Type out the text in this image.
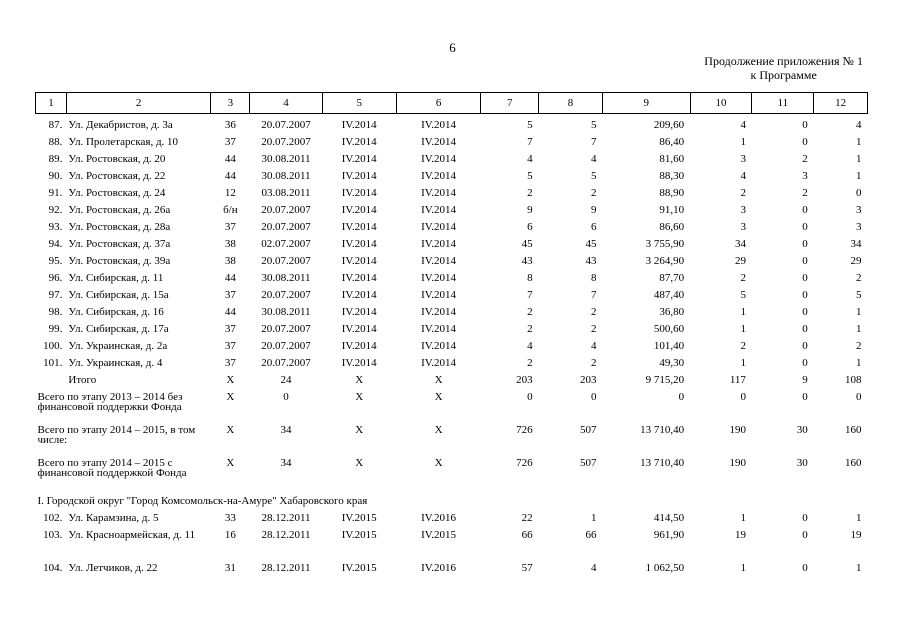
6
Продолжение приложения № 1
к Программе
1	2	3	4	5	6	7	8	9	10	11	12
87.	Ул. Декабристов, д. 3а	36	20.07.2007	IV.2014	IV.2014	5	5	209,60	4	0	4
88.	Ул. Пролетарская, д. 10	37	20.07.2007	IV.2014	IV.2014	7	7	86,40	1	0	1
89.	Ул. Ростовская, д. 20	44	30.08.2011	IV.2014	IV.2014	4	4	81,60	3	2	1
90.	Ул. Ростовская, д. 22	44	30.08.2011	IV.2014	IV.2014	5	5	88,30	4	3	1
91.	Ул. Ростовская, д. 24	12	03.08.2011	IV.2014	IV.2014	2	2	88,90	2	2	0
92.	Ул. Ростовская, д. 26а	б/н	20.07.2007	IV.2014	IV.2014	9	9	91,10	3	0	3
93.	Ул. Ростовская, д. 28а	37	20.07.2007	IV.2014	IV.2014	6	6	86,60	3	0	3
94.	Ул. Ростовская, д. 37а	38	02.07.2007	IV.2014	IV.2014	45	45	3 755,90	34	0	34
95.	Ул. Ростовская, д. 39а	38	20.07.2007	IV.2014	IV.2014	43	43	3 264,90	29	0	29
96.	Ул. Сибирская, д. 11	44	30.08.2011	IV.2014	IV.2014	8	8	87,70	2	0	2
97.	Ул. Сибирская, д. 15а	37	20.07.2007	IV.2014	IV.2014	7	7	487,40	5	0	5
98.	Ул. Сибирская, д. 16	44	30.08.2011	IV.2014	IV.2014	2	2	36,80	1	0	1
99.	Ул. Сибирская, д. 17а	37	20.07.2007	IV.2014	IV.2014	2	2	500,60	1	0	1
100.	Ул. Украинская, д. 2а	37	20.07.2007	IV.2014	IV.2014	4	4	101,40	2	0	2
101.	Ул. Украинская, д. 4	37	20.07.2007	IV.2014	IV.2014	2	2	49,30	1	0	1
	Итого	X	24	X	X	203	203	9 715,20	117	9	108
Всего по этапу 2013 – 2014 без финансовой поддержки Фонда		X	0	X	X	0	0	0	0	0	0
Всего по этапу 2014 – 2015, в том числе:		X	34	X	X	726	507	13 710,40	190	30	160
Всего по этапу 2014 – 2015 с финансовой поддержкой Фонда		X	34	X	X	726	507	13 710,40	190	30	160
I. Городской округ "Город Комсомольск-на-Амуре" Хабаровского края											
102.	Ул. Карамзина, д. 5	33	28.12.2011	IV.2015	IV.2016	22	1	414,50	1	0	1
103.	Ул. Красноармейская, д. 11	16	28.12.2011	IV.2015	IV.2015	66	66	961,90	19	0	19
104.	Ул. Летчиков, д. 22	31	28.12.2011	IV.2015	IV.2016	57	4	1 062,50	1	0	1
